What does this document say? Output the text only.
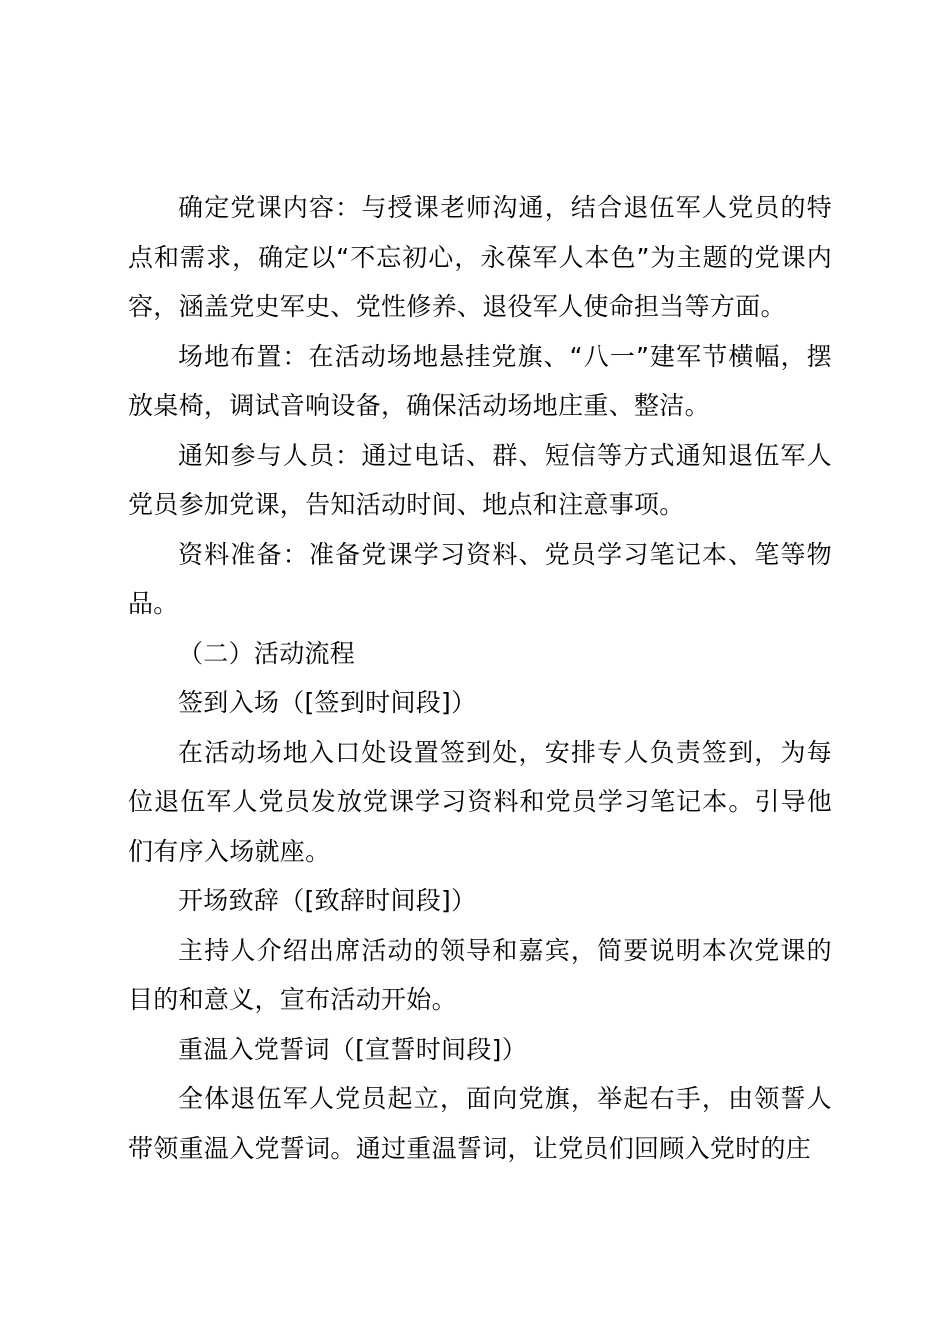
确定党课内容：与授课老师沟通，结合退伍军人党员的特点和需求，确定以“不忘初心，永葆军人本色”为主题的党课内容，涵盖党史军史、党性修养、退役军人使命担当等方面。

场地布置：在活动场地悬挂党旗、“八一”建军节横幅，摆放桌椅，调试音响设备，确保活动场地庄重、整洁。

通知参与人员：通过电话、群、短信等方式通知退伍军人党员参加党课，告知活动时间、地点和注意事项。

资料准备：准备党课学习资料、党员学习笔记本、笔等物品。

（二）活动流程

签到入场（[签到时间段]）

在活动场地入口处设置签到处，安排专人负责签到，为每位退伍军人党员发放党课学习资料和党员学习笔记本。引导他们有序入场就座。

开场致辞（[致辞时间段]）

主持人介绍出席活动的领导和嘉宾，简要说明本次党课的目的和意义，宣布活动开始。

重温入党誓词（[宣誓时间段]）

全体退伍军人党员起立，面向党旗，举起右手，由领誓人带领重温入党誓词。通过重温誓词，让党员们回顾入党时的庄
